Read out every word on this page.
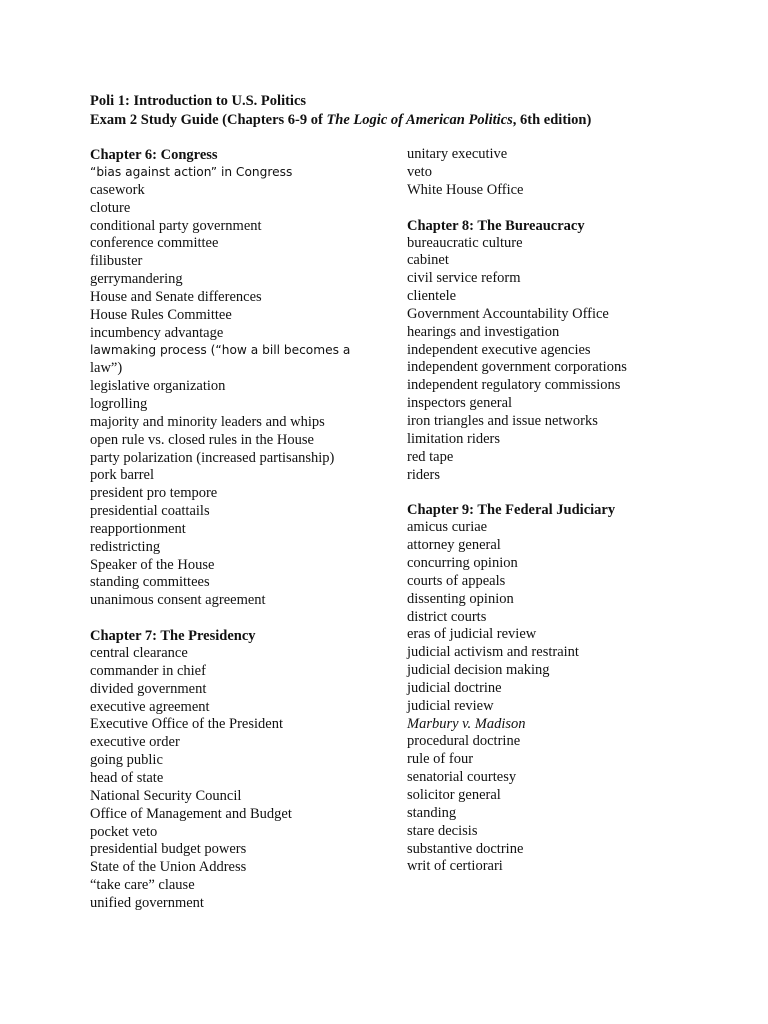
Poli 1: Introduction to U.S. Politics
Exam 2 Study Guide (Chapters 6-9 of The Logic of American Politics, 6th edition)
Chapter 6: Congress
“bias against action” in Congress
casework
cloture
conditional party government
conference committee
filibuster
gerrymandering
House and Senate differences
House Rules Committee
incumbency advantage
lawmaking process (“how a bill becomes a
law”)
legislative organization
logrolling
majority and minority leaders and whips
open rule vs. closed rules in the House
party polarization (increased partisanship)
pork barrel
president pro tempore
presidential coattails
reapportionment
redistricting
Speaker of the House
standing committees
unanimous consent agreement
Chapter 7: The Presidency
central clearance
commander in chief
divided government
executive agreement
Executive Office of the President
executive order
going public
head of state
National Security Council
Office of Management and Budget
pocket veto
presidential budget powers
State of the Union Address
“take care” clause
unified government
unitary executive
veto
White House Office
Chapter 8: The Bureaucracy
bureaucratic culture
cabinet
civil service reform
clientele
Government Accountability Office
hearings and investigation
independent executive agencies
independent government corporations
independent regulatory commissions
inspectors general
iron triangles and issue networks
limitation riders
red tape
riders
Chapter 9: The Federal Judiciary
amicus curiae
attorney general
concurring opinion
courts of appeals
dissenting opinion
district courts
eras of judicial review
judicial activism and restraint
judicial decision making
judicial doctrine
judicial review
Marbury v. Madison
procedural doctrine
rule of four
senatorial courtesy
solicitor general
standing
stare decisis
substantive doctrine
writ of certiorari
